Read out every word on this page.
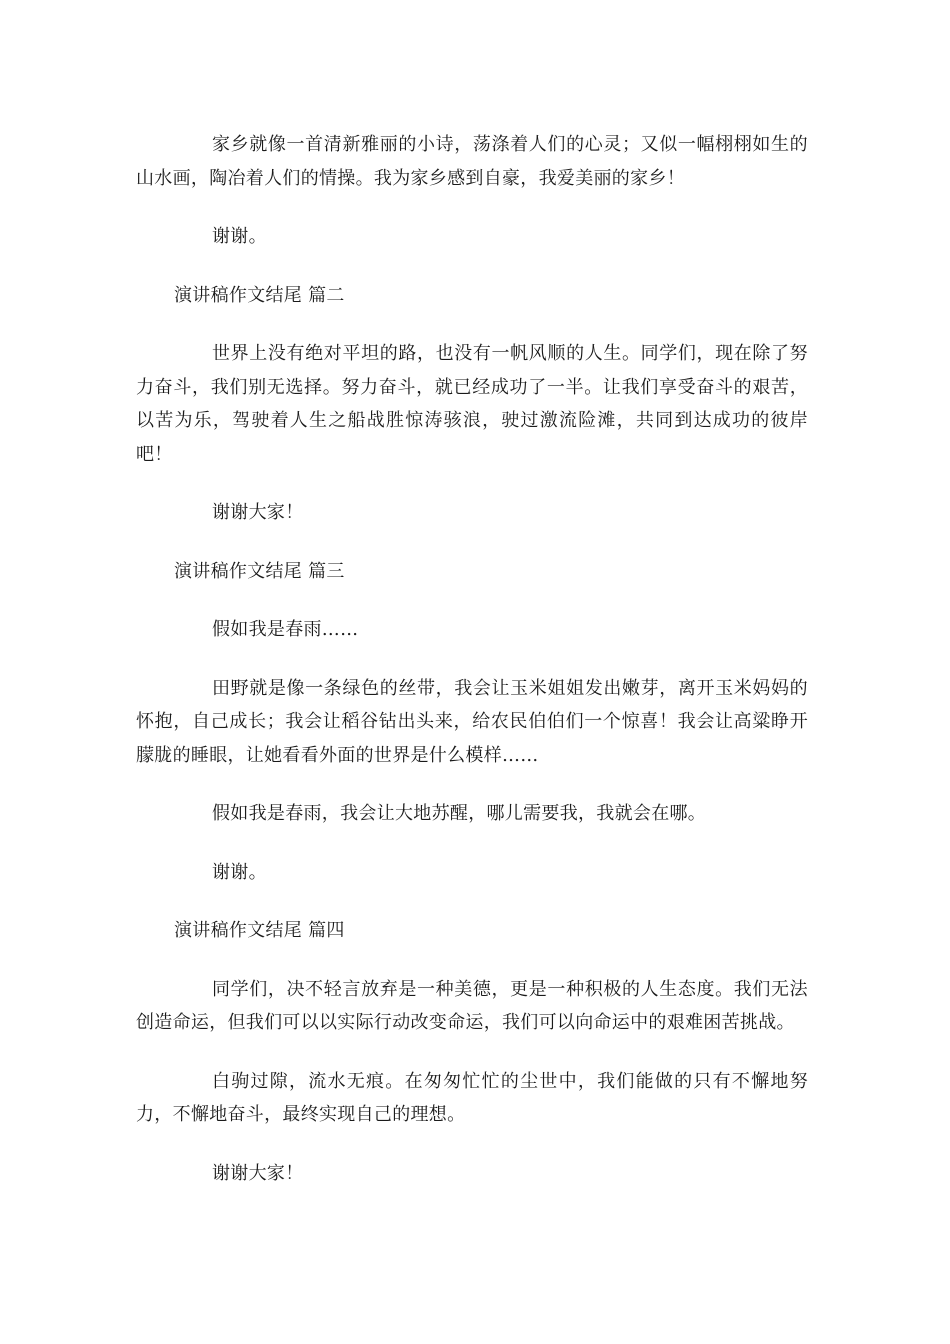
家乡就像一首清新雅丽的小诗，荡涤着人们的心灵；又似一幅栩栩如生的山水画，陶冶着人们的情操。我为家乡感到自豪，我爱美丽的家乡！

谢谢。

演讲稿作文结尾 篇二

世界上没有绝对平坦的路，也没有一帆风顺的人生。同学们，现在除了努力奋斗，我们别无选择。努力奋斗，就已经成功了一半。让我们享受奋斗的艰苦，以苦为乐，驾驶着人生之船战胜惊涛骇浪，驶过激流险滩，共同到达成功的彼岸吧！

谢谢大家！

演讲稿作文结尾 篇三

假如我是春雨……

田野就是像一条绿色的丝带，我会让玉米姐姐发出嫩芽，离开玉米妈妈的怀抱，自己成长；我会让稻谷钻出头来，给农民伯伯们一个惊喜！我会让高粱睁开朦胧的睡眼，让她看看外面的世界是什么模样……

假如我是春雨，我会让大地苏醒，哪儿需要我，我就会在哪。

谢谢。

演讲稿作文结尾 篇四

同学们，决不轻言放弃是一种美德，更是一种积极的人生态度。我们无法创造命运，但我们可以以实际行动改变命运，我们可以向命运中的艰难困苦挑战。

白驹过隙，流水无痕。在匆匆忙忙的尘世中，我们能做的只有不懈地努力，不懈地奋斗，最终实现自己的理想。

谢谢大家！
